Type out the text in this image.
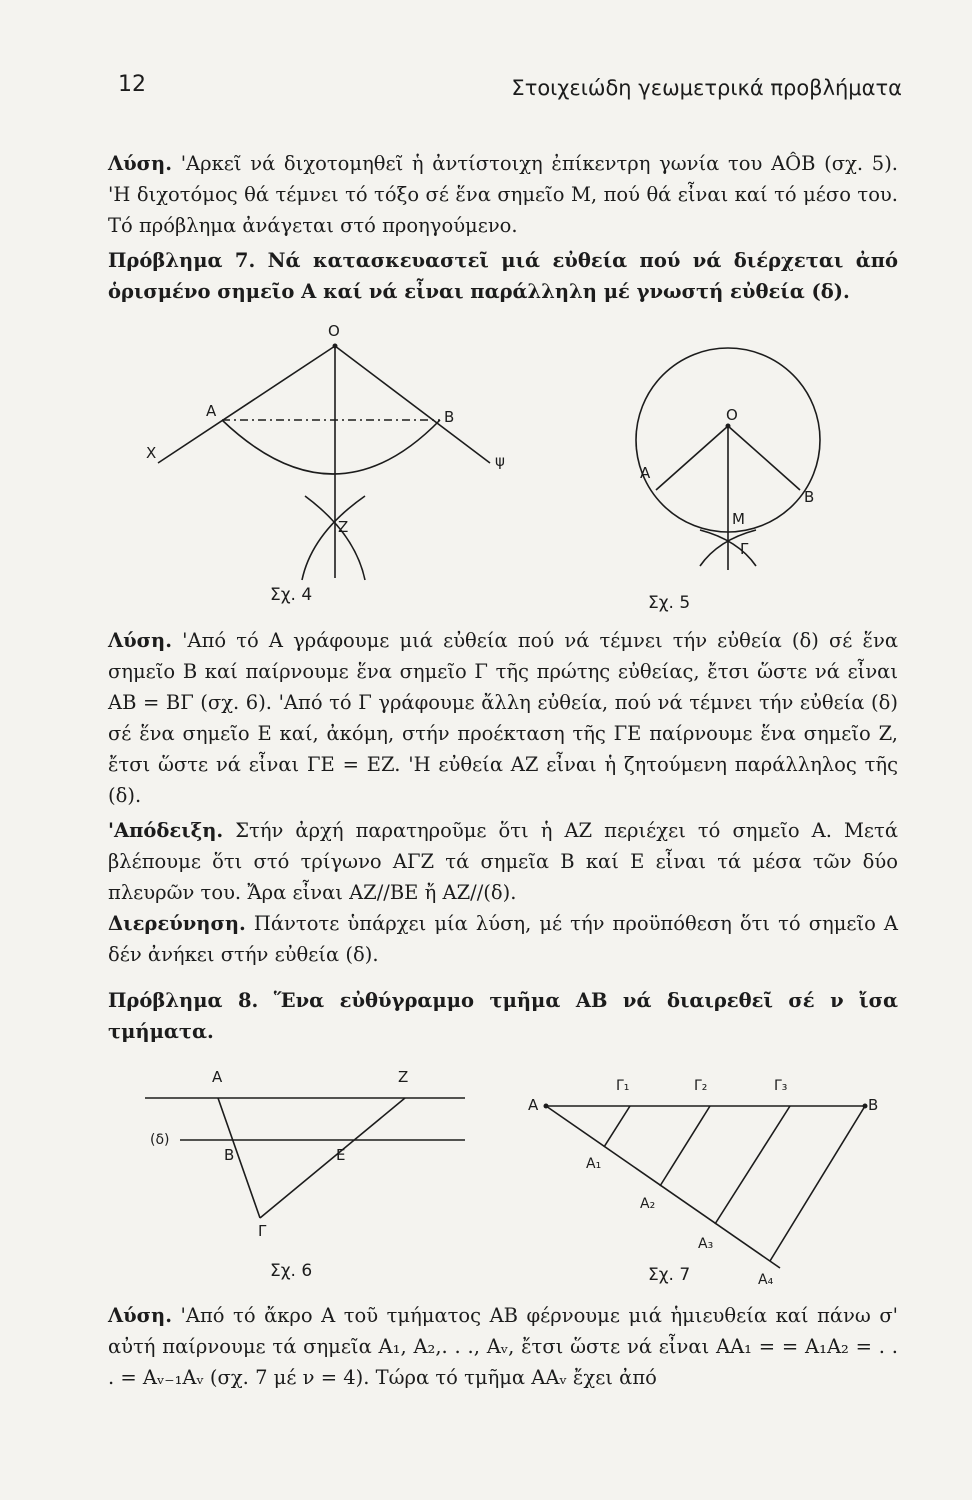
12	Στοιχειώδη γεωμετρικά προβλήματα

Λύση. 'Αρκεῖ νά διχοτομηθεῖ ἡ ἀντίστοιχη ἐπίκεντρη γωνία του AÔB (σχ. 5). 'Η διχοτόμος θά τέμνει τό τόξο σέ ἕνα σημεῖο M, πού θά εἶναι καί τό μέσο του. Τό πρόβλημα ἀνάγεται στό προηγούμενο.

Πρόβλημα 7. Νά κατασκευαστεῖ μιά εὐθεία πού νά διέρχεται ἀπό ὁρισμένο σημεῖο A καί νά εἶναι παράλληλη μέ γνωστή εὐθεία (δ).

O
A	B
X	ψ
Z
Σχ. 4
O
A
B
M
Γ
Σχ. 5

Λύση. 'Από τό A γράφουμε μιά εὐθεία πού νά τέμνει τήν εὐθεία (δ) σέ ἕνα σημεῖο B καί παίρνουμε ἕνα σημεῖο Γ τῆς πρώτης εὐθείας, ἔτσι ὥστε νά εἶναι AB = BΓ (σχ. 6). 'Από τό Γ γράφουμε ἄλλη εὐθεία, πού νά τέμνει τήν εὐθεία (δ) σέ ἕνα σημεῖο E καί, ἀκόμη, στήν προέκταση τῆς ΓE παίρνουμε ἕνα σημεῖο Z, ἔτσι ὥστε νά εἶναι ΓE = EZ. 'Η εὐθεία AZ εἶναι ἡ ζητούμενη παράλληλος τῆς (δ).

'Απόδειξη. Στήν ἀρχή παρατηροῦμε ὅτι ἡ AZ περιέχει τό σημεῖο A. Μετά βλέπουμε ὅτι στό τρίγωνο AΓZ τά σημεῖα B καί E εἶναι τά μέσα τῶν δύο πλευρῶν του. Ἄρα εἶναι AZ//BE ἤ AZ//(δ).

Διερεύνηση. Πάντοτε ὑπάρχει μία λύση, μέ τήν προϋπόθεση ὅτι τό σημεῖο A δέν ἀνήκει στήν εὐθεία (δ).

Πρόβλημα 8. Ἕνα εὐθύγραμμο τμῆμα AB νά διαιρεθεῖ σέ ν ἴσα τμήματα.

A	Z
(δ)
B	E
Γ
Σχ. 6
A	B
Γ₁	Γ₂	Γ₃
A₁
A₂
A₃
A₄
Σχ. 7

Λύση. 'Από τό ἄκρο A τοῦ τμήματος AB φέρνουμε μιά ἡμιευθεία καί πάνω σ' αὐτή παίρνουμε τά σημεῖα A₁, A₂,. . ., Aᵥ, ἔτσι ὥστε νά εἶναι AA₁ = = A₁A₂ = . . . = Aᵥ₋₁Aᵥ (σχ. 7 μέ ν = 4). Τώρα τό τμῆμα AAᵥ ἔχει ἀπό
